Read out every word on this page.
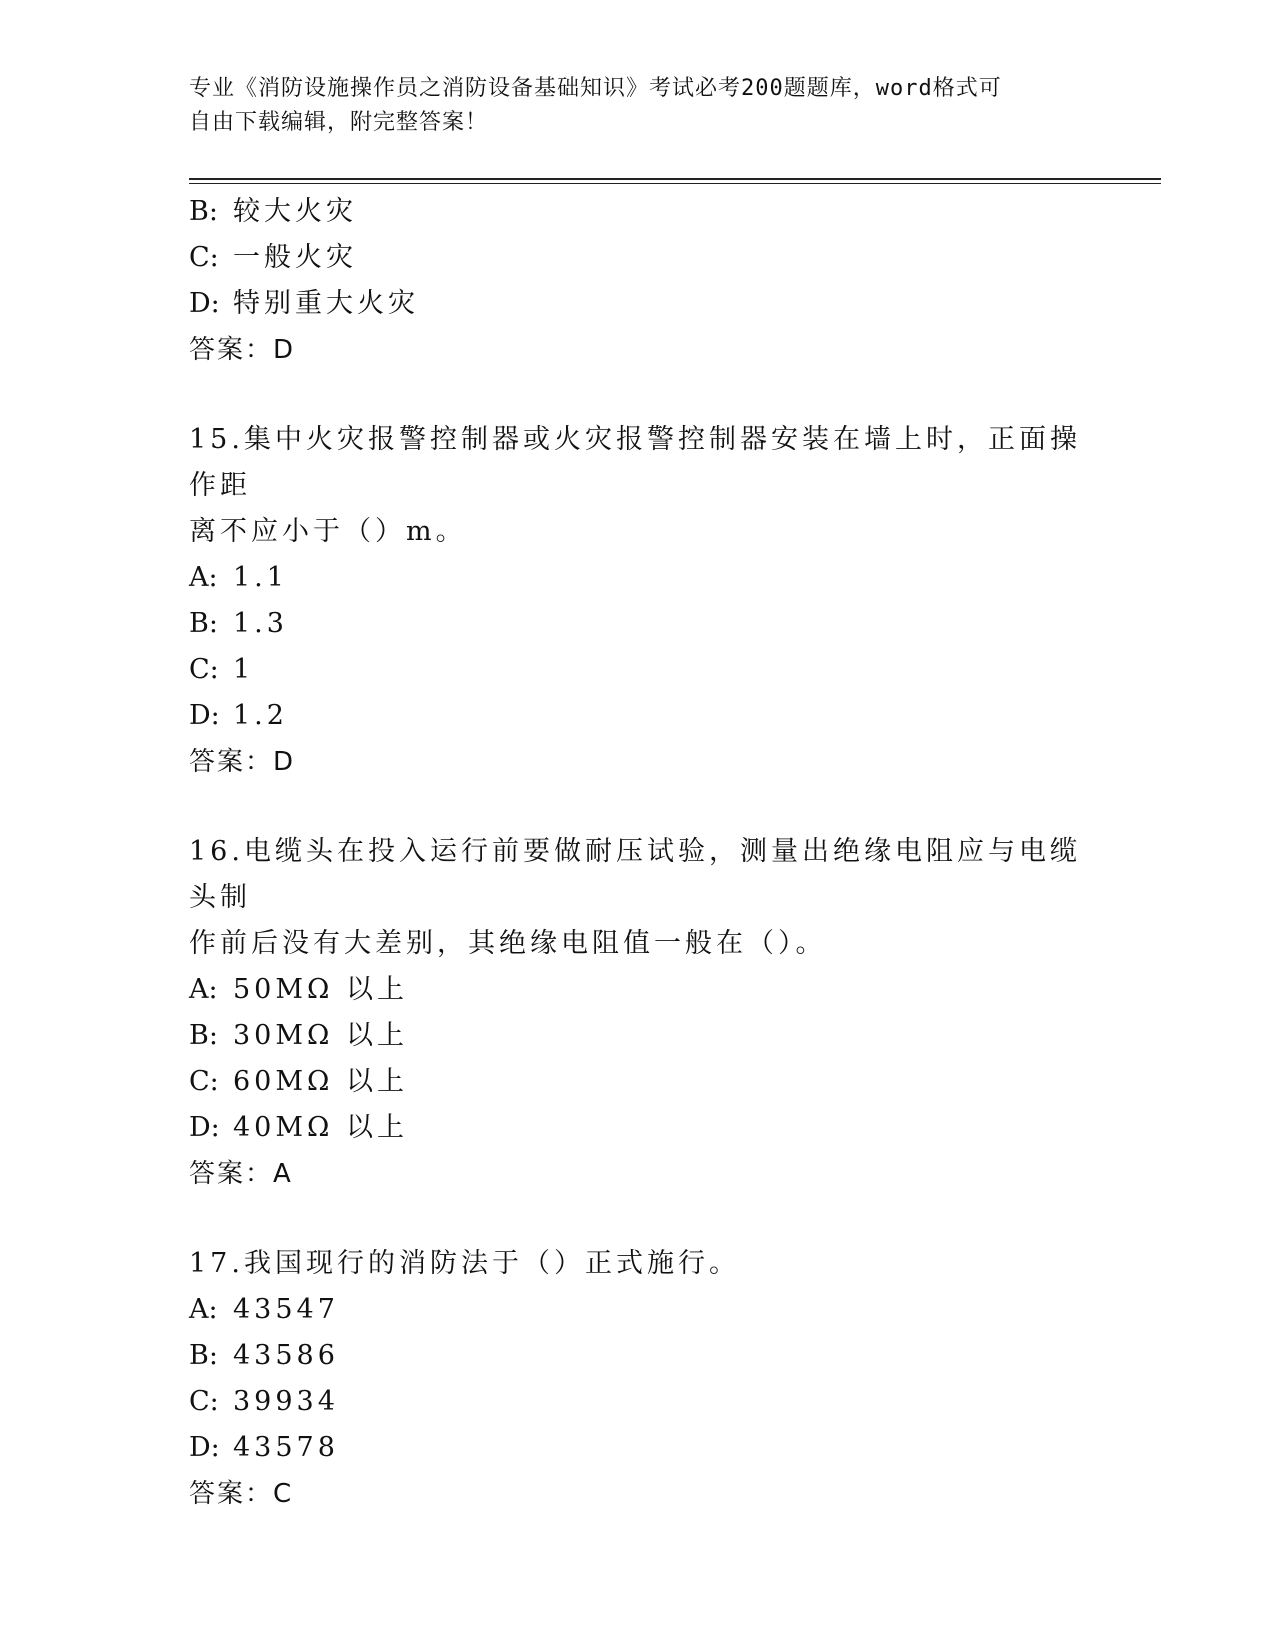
专业《消防设施操作员之消防设备基础知识》考试必考200题题库，word格式可
自由下载编辑，附完整答案！
B: 较大火灾
C: 一般火灾
D: 特别重大火灾
答案：D
15.集中火灾报警控制器或火灾报警控制器安装在墙上时，正面操作距
离不应小于（）m。
A: 1.1
B: 1.3
C: 1
D: 1.2
答案：D
16.电缆头在投入运行前要做耐压试验，测量出绝缘电阻应与电缆头制
作前后没有大差别，其绝缘电阻值一般在（）。
A: 50MΩ 以上
B: 30MΩ 以上
C: 60MΩ 以上
D: 40MΩ 以上
答案：A
17.我国现行的消防法于（）正式施行。
A: 43547
B: 43586
C: 39934
D: 43578
答案：C
